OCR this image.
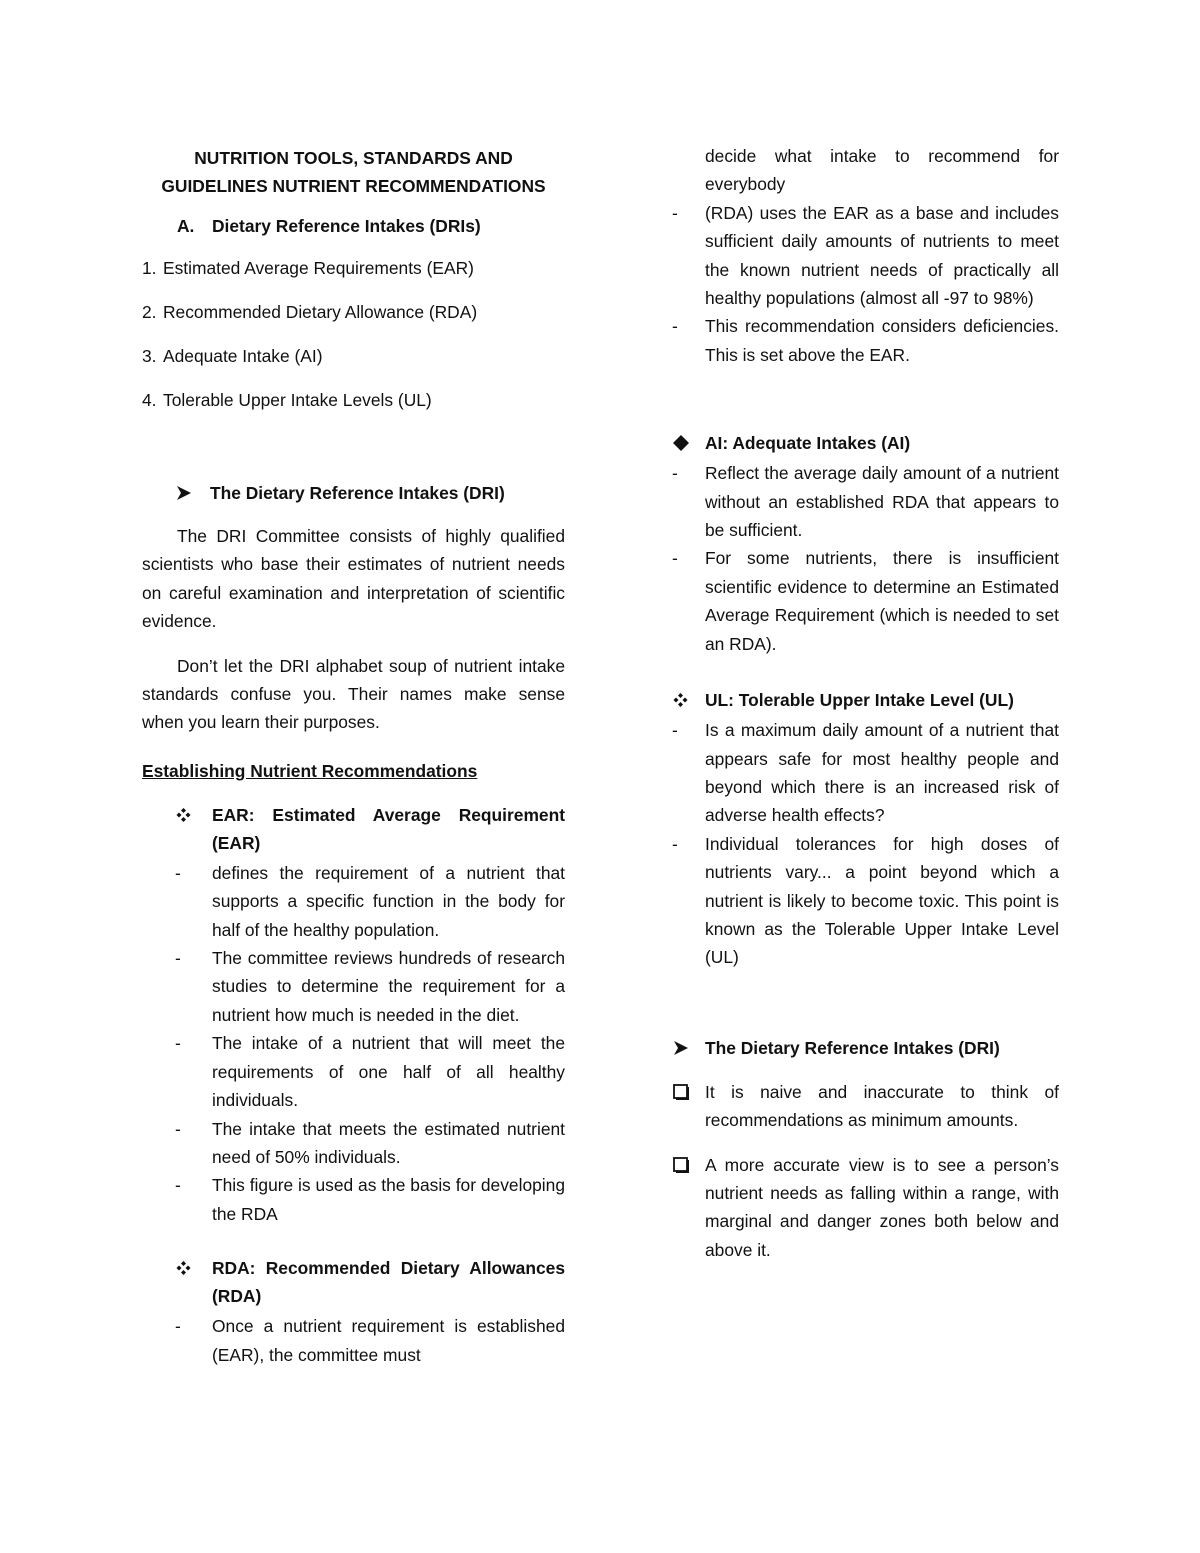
NUTRITION TOOLS, STANDARDS AND
GUIDELINES NUTRIENT RECOMMENDATIONS
A.	Dietary Reference Intakes (DRIs)
1. Estimated Average Requirements (EAR)
2. Recommended Dietary Allowance (RDA)
3. Adequate Intake (AI)
4. Tolerable Upper Intake Levels (UL)
The Dietary Reference Intakes (DRI)

The DRI Committee consists of highly qualified scientists who base their estimates of nutrient needs on careful examination and interpretation of scientific evidence.

Don’t let the DRI alphabet soup of nutrient intake standards confuse you. Their names make sense when you learn their purposes.

Establishing Nutrient Recommendations
EAR: Estimated Average Requirement (EAR)
-	defines the requirement of a nutrient that supports a specific function in the body for half of the healthy population.
-	The committee reviews hundreds of research studies to determine the requirement for a nutrient how much is needed in the diet.
-	The intake of a nutrient that will meet the requirements of one half of all healthy individuals.
-	The intake that meets the estimated nutrient need of 50% individuals.
-	This figure is used as the basis for developing the RDA
RDA: Recommended Dietary Allowances (RDA)
-	Once a nutrient requirement is established (EAR), the committee must
decide what intake to recommend for everybody
-	(RDA) uses the EAR as a base and includes sufficient daily amounts of nutrients to meet the known nutrient needs of practically all healthy populations (almost all -97 to 98%)
-	This recommendation considers deficiencies. This is set above the EAR.
AI: Adequate Intakes (AI)
-	Reflect the average daily amount of a nutrient without an established RDA that appears to be sufficient.
-	For some nutrients, there is insufficient scientific evidence to determine an Estimated Average Requirement (which is needed to set an RDA).
UL: Tolerable Upper Intake Level (UL)
-	Is a maximum daily amount of a nutrient that appears safe for most healthy people and beyond which there is an increased risk of adverse health effects?
-	Individual tolerances for high doses of nutrients vary... a point beyond which a nutrient is likely to become toxic. This point is known as the Tolerable Upper Intake Level (UL)
The Dietary Reference Intakes (DRI)
It is naive and inaccurate to think of recommendations as minimum amounts.
A more accurate view is to see a person’s nutrient needs as falling within a range, with marginal and danger zones both below and above it.
